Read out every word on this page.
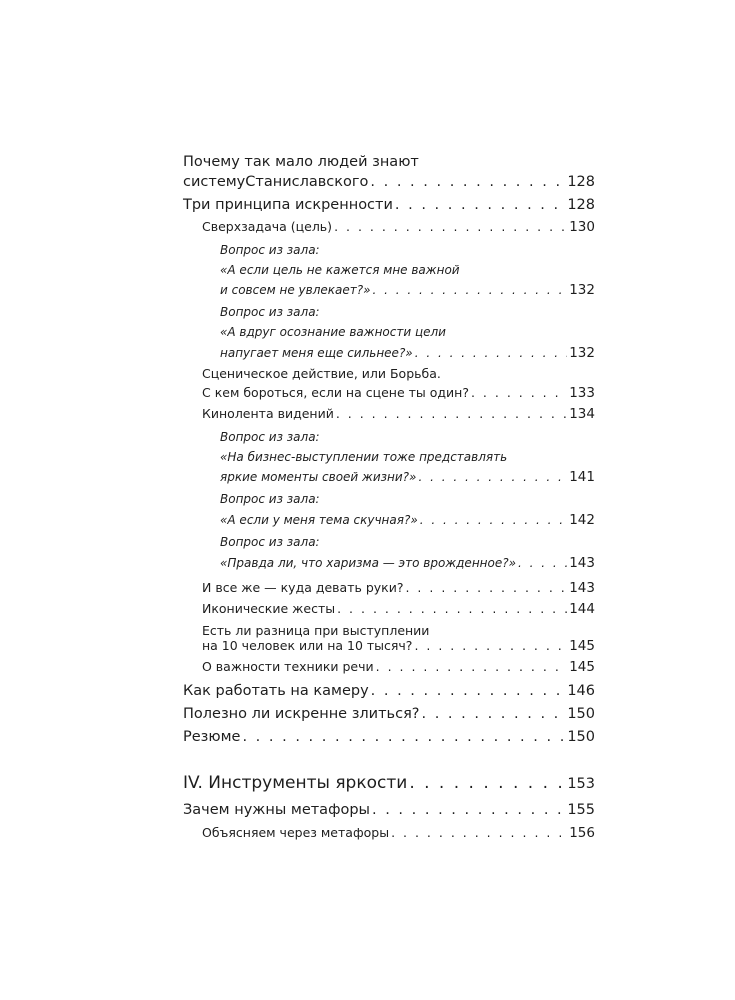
Почему так мало людей знают
системуСтаниславского . . .	128
Три принципа искренности . . .	128
Сверхзадача (цель) . . .	130
Вопрос из зала:
«А если цель не кажется мне важной
и совсем не увлекает?» . . .	132
Вопрос из зала:
«А вдруг осознание важности цели
напугает меня еще сильнее?» . . .	132
Сценическое действие, или Борьба.
С кем бороться, если на сцене ты один? . . .	133
Кинолента видений . . .	134
Вопрос из зала:
«На бизнес-выступлении тоже представлять
яркие моменты своей жизни?» . . .	141
Вопрос из зала:
«А если у меня тема скучная?» . . .	142
Вопрос из зала:
«Правда ли, что харизма — это врожденное?» . . .	143
И все же — куда девать руки? . . .	143
Иконические жесты . . .	144
Есть ли разница при выступлении
на 10 человек или на 10 тысяч? . . .	145
О важности техники речи . . .	145
Как работать на камеру . . .	146
Полезно ли искренне злиться? . . .	150
Резюме . . .	150
IV. Инструменты яркости . . .	153
Зачем нужны метафоры . . .	155
Объясняем через метафоры . . .	156
